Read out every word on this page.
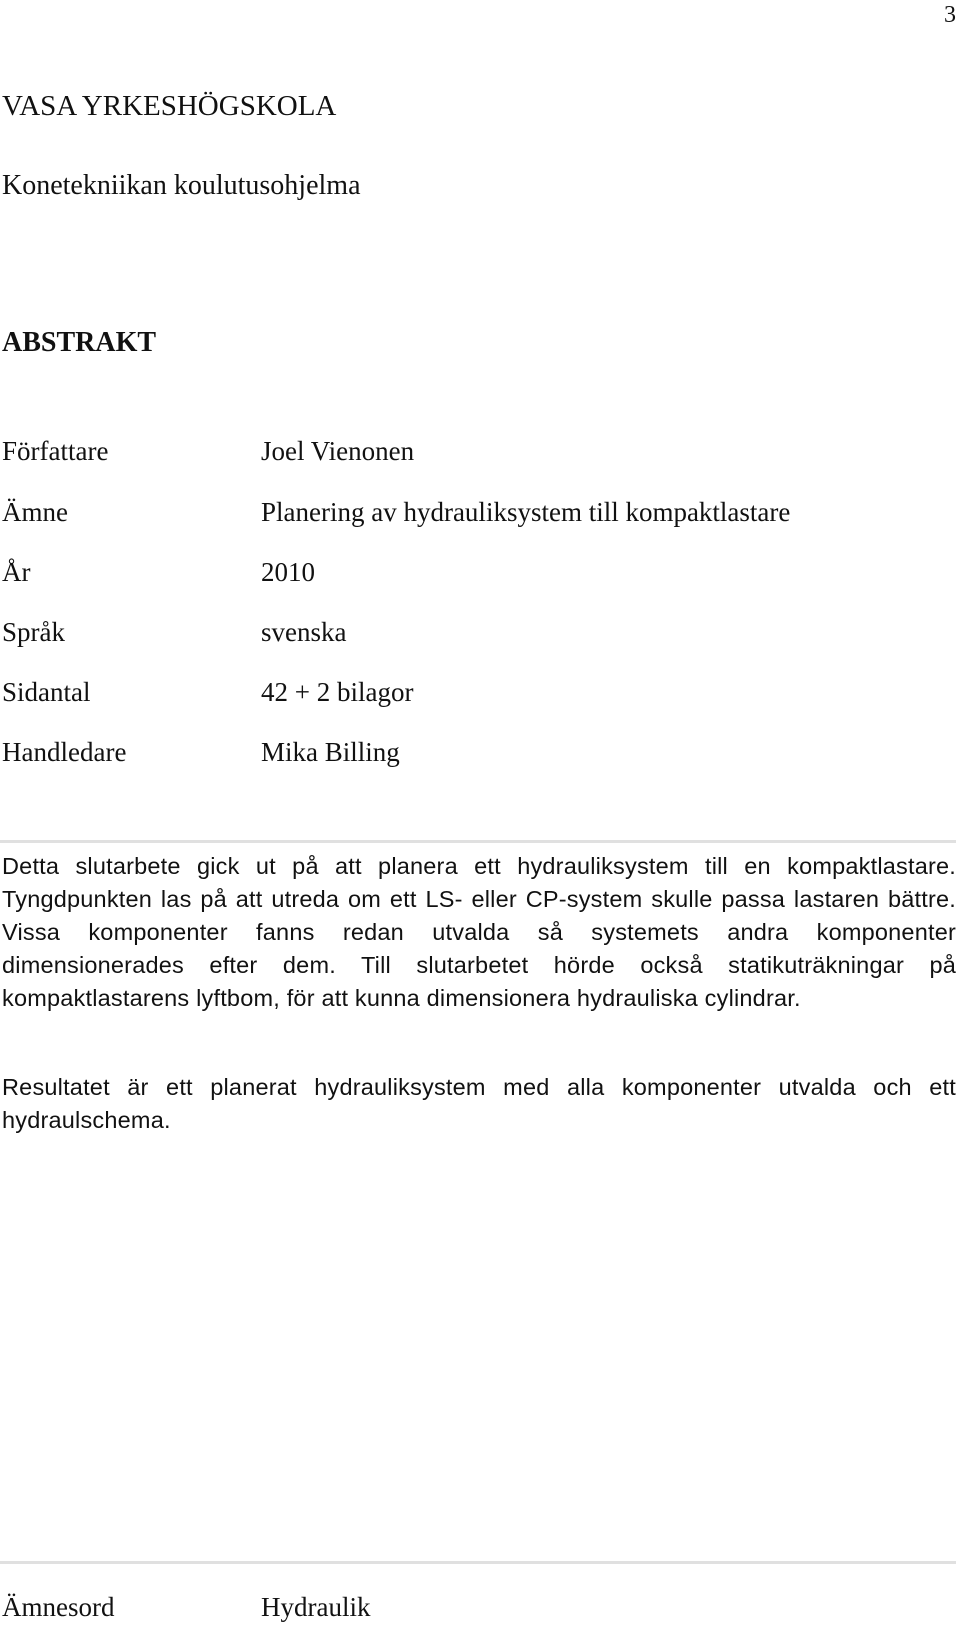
3
VASA YRKESHÖGSKOLA
Konetekniikan koulutusohjelma
ABSTRAKT
Författare	Joel Vienonen
Ämne	Planering av hydrauliksystem till kompaktlastare
År	2010
Språk	svenska
Sidantal	42 + 2 bilagor
Handledare	Mika Billing
Detta slutarbete gick ut på att planera ett hydrauliksystem till en kompaktlastare. Tyngdpunkten las på att utreda om ett LS- eller CP-system skulle passa lastaren bättre. Vissa komponenter fanns redan utvalda så systemets andra komponenter dimensionerades efter dem. Till slutarbetet hörde också statikuträkningar på kompaktlastarens lyftbom, för att kunna dimensionera hydrauliska cylindrar.
Resultatet är ett planerat hydrauliksystem med alla komponenter utvalda och ett hydraulschema.
Ämnesord	Hydraulik
